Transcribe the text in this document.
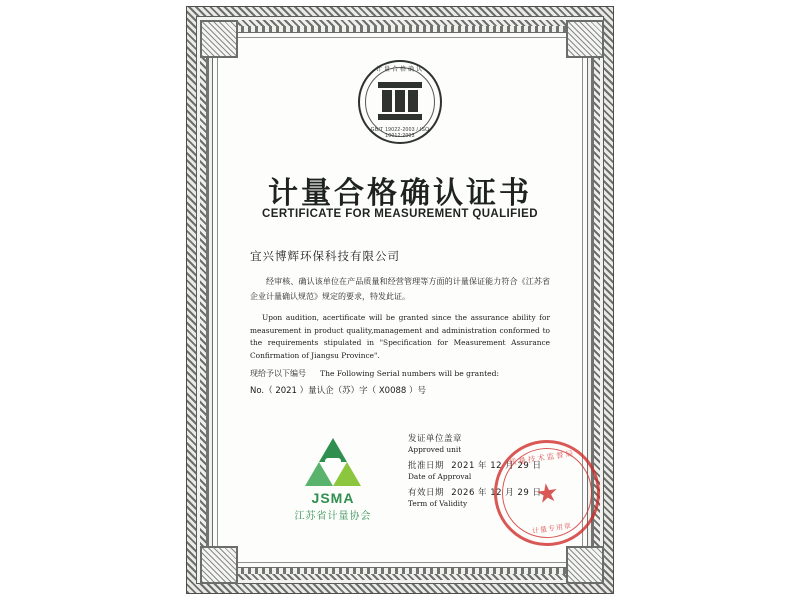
计量合格确认
GB/T 19022-2003 / ISO 10012:2003
计量合格确认证书
CERTIFICATE FOR MEASUREMENT QUALIFIED
宜兴博辉环保科技有限公司
经审核、确认该单位在产品质量和经营管理等方面的计量保证能力符合《江苏省企业计量确认规范》规定的要求，特发此证。
Upon audition, acertificate will be granted since the assurance ability for measurement in product quality,management and administration conformed to the requirements stipulated in "Specification for Measurement Assurance Confirmation of Jiangsu Province".
现给予以下编号 The Following Serial numbers will be granted:
No.（ 2021 ）量认企（苏）字（ X0088 ）号
JSMA
江苏省计量协会
发证单位盖章
Approved unit
批准日期 2021 年 12 月 29 日
Date of Approval
有效日期 2026 年 12 月 29 日
Term of Validity
质量技术监督局
★
计量专用章
